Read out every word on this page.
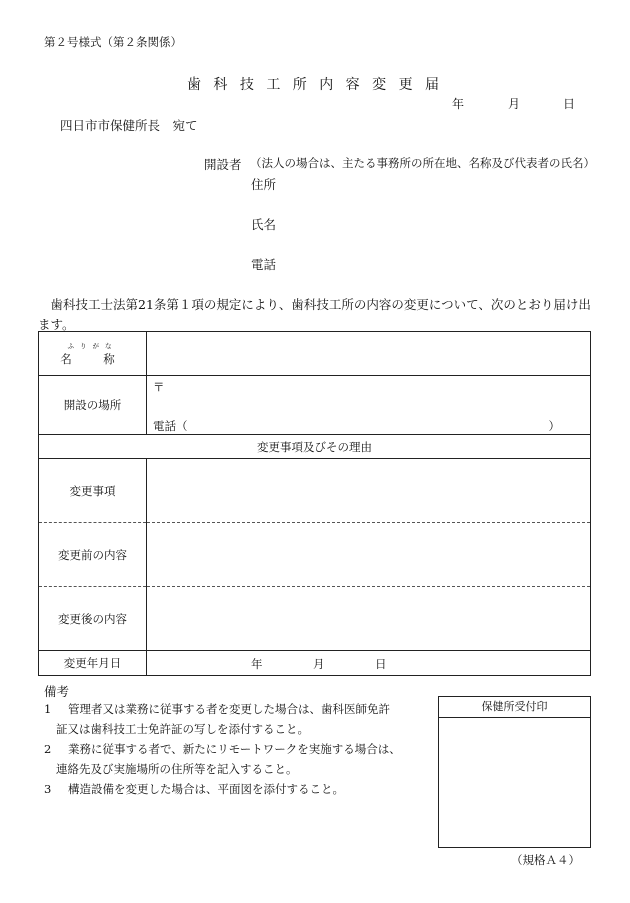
第２号様式（第２条関係）
歯 科 技 工 所 内 容 変 更 届
年	月	日
四日市市保健所長　宛て
開設者 （法人の場合は、主たる事務所の所在地、名称及び代表者の氏名）
住所
氏名
電話
歯科技工士法第21条第１項の規定により、歯科技工所の内容の変更について、次のとおり届け出ます。
ふりがな
名　称	

開設の場所	〒
電話（ ）

変更事項及びその理由	
変更事項	
変更前の内容	
変更後の内容	
変更年月日	年 月 日
備考
1 管理者又は業務に従事する者を変更した場合は、歯科医師免許
証又は歯科技工士免許証の写しを添付すること。
2 業務に従事する者で、新たにリモートワークを実施する場合は、
連絡先及び実施場所の住所等を記入すること。
3 構造設備を変更した場合は、平面図を添付すること。
保健所受付印
（規格Ａ４）
